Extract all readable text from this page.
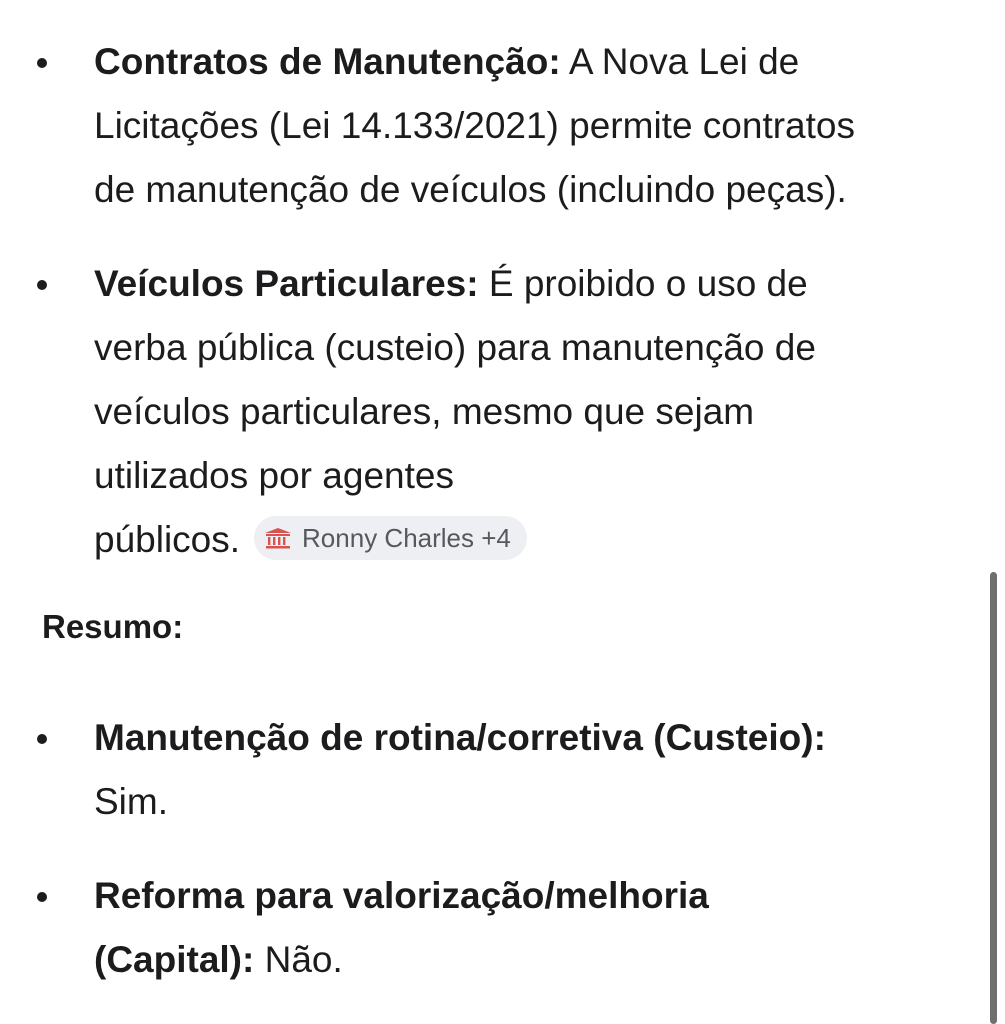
Contratos de Manutenção: A Nova Lei de
Licitações (Lei 14.133/2021) permite contratos
de manutenção de veículos (incluindo peças).
Veículos Particulares: É proibido o uso de
verba pública (custeio) para manutenção de
veículos particulares, mesmo que sejam
utilizados por agentes
públicos. Ronny Charles +4
Resumo:
Manutenção de rotina/corretiva (Custeio):
Sim.
Reforma para valorização/melhoria
(Capital): Não.
